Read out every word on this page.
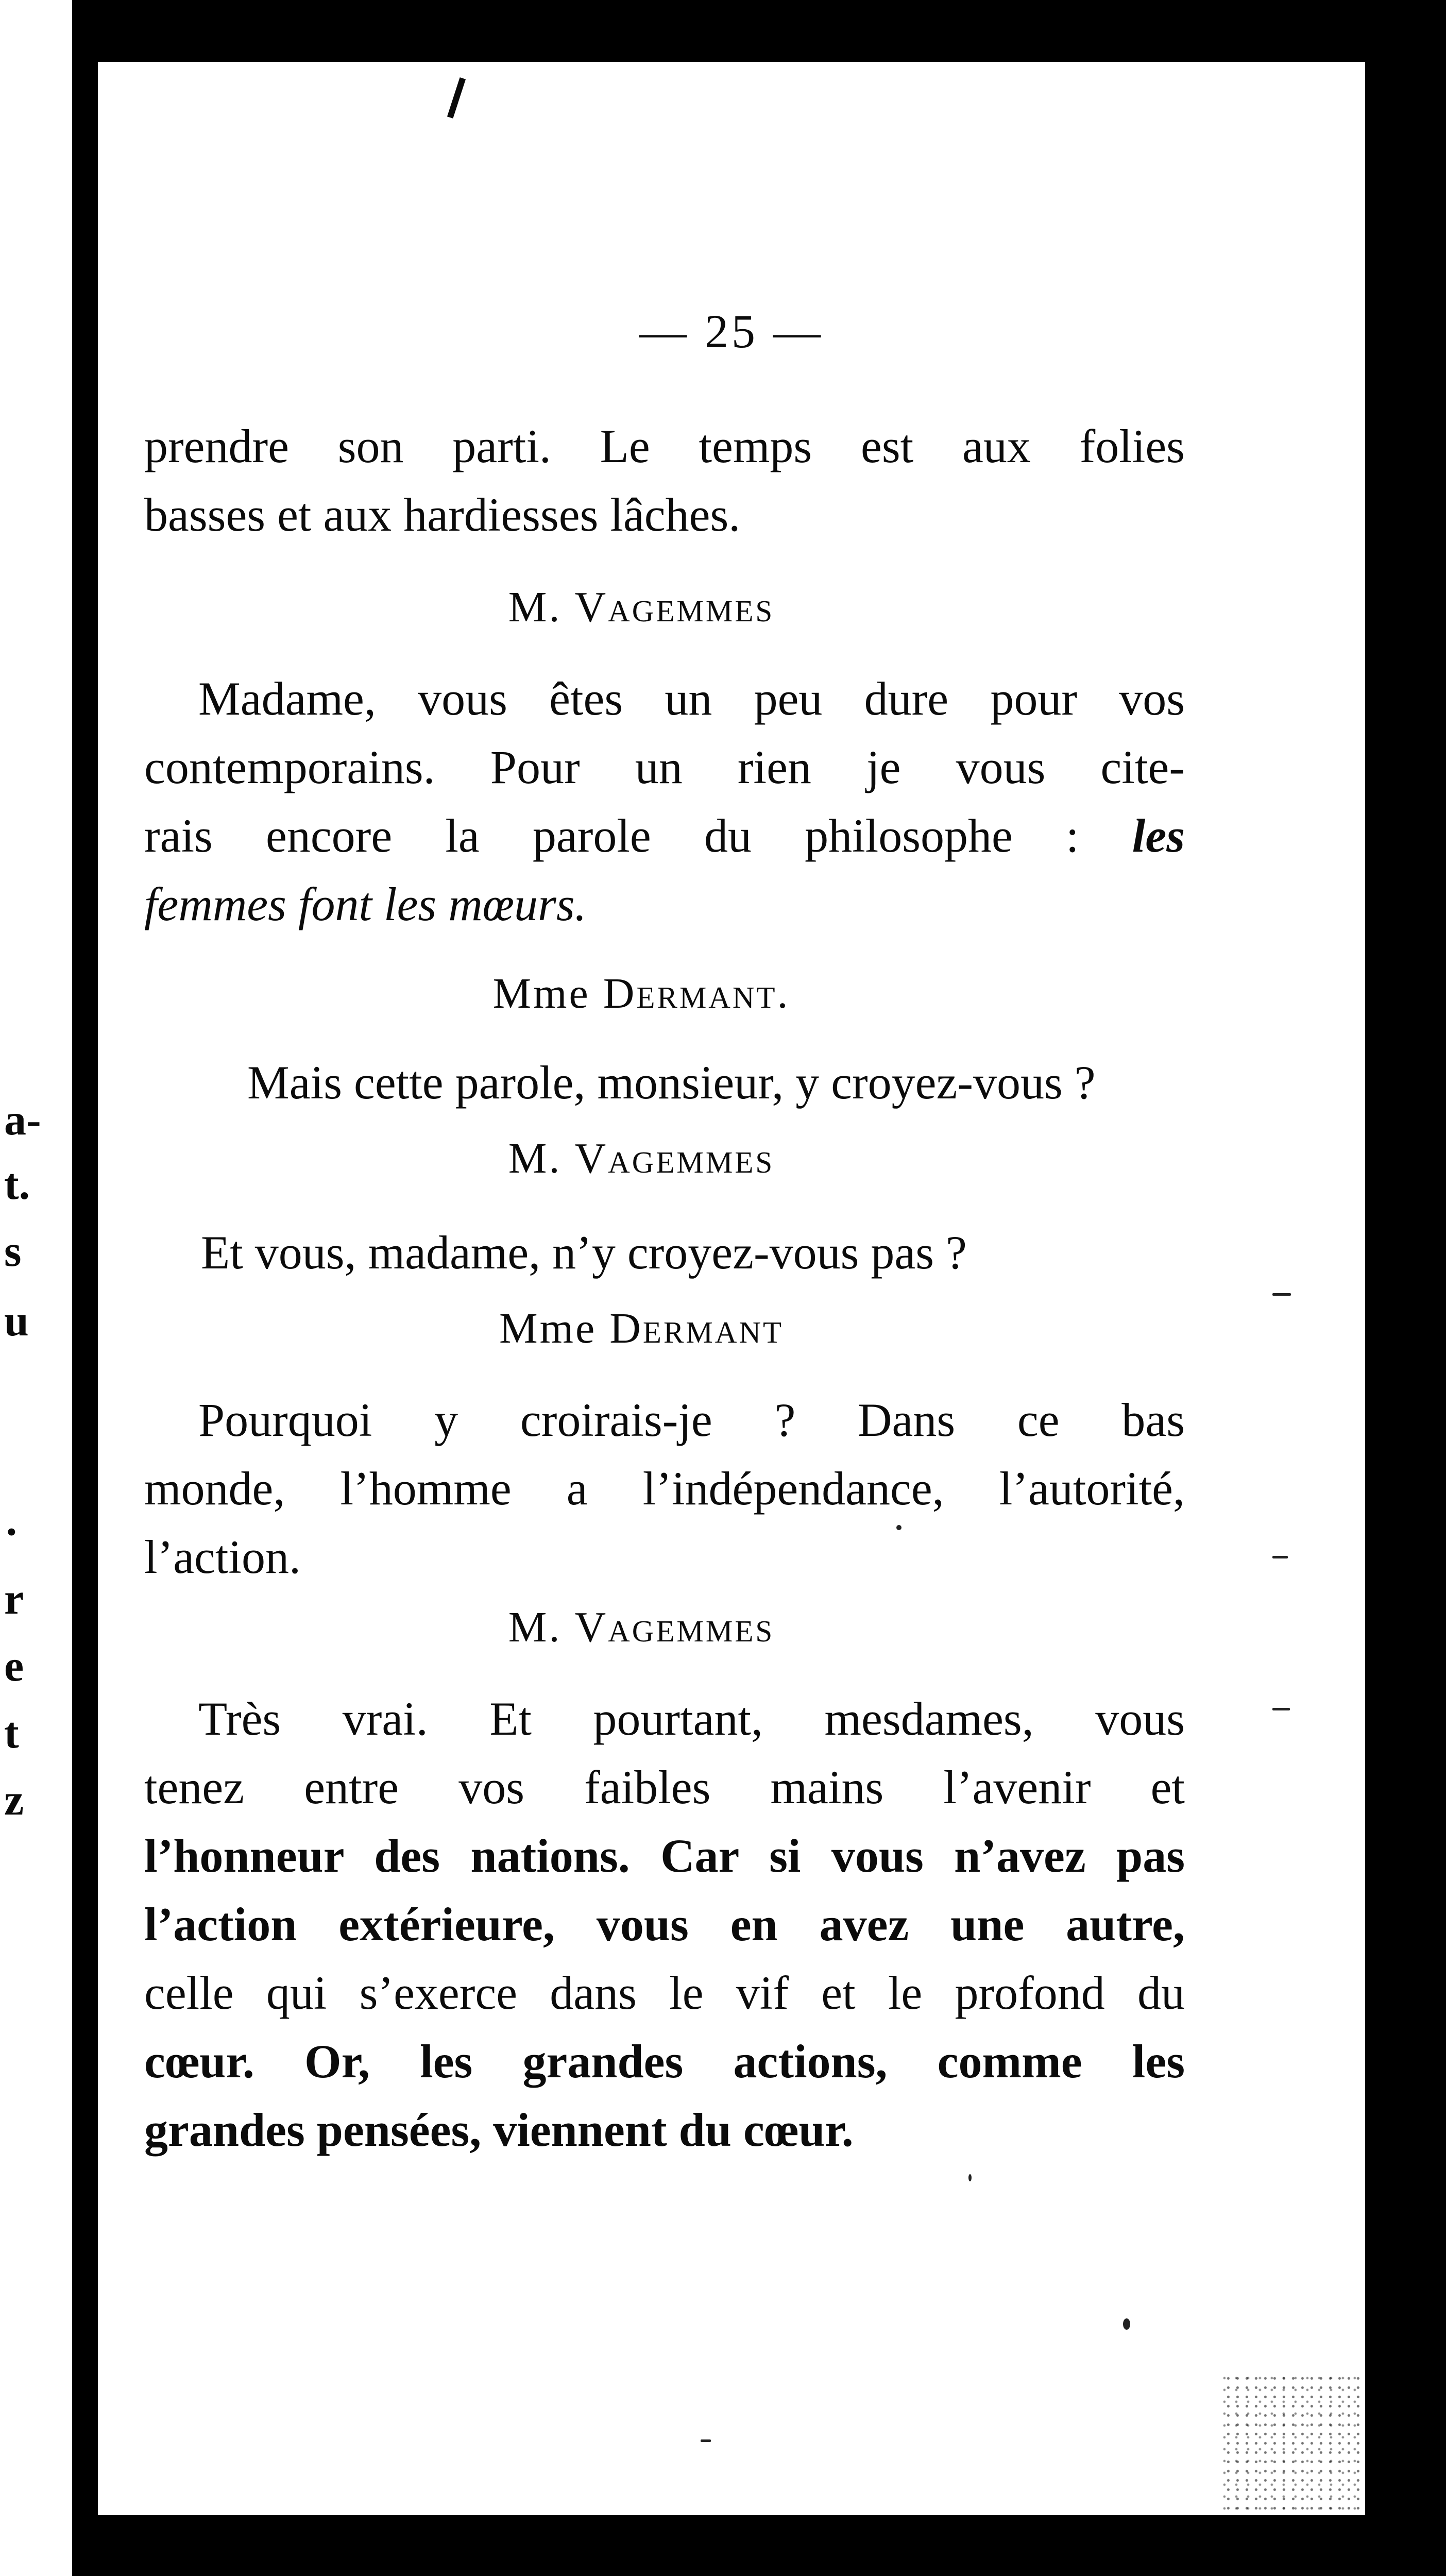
a-
t.
s
u
·
r
e
t
z
— 25 —
prendre son parti. Le temps est aux folies
basses et aux hardiesses lâches.
M. Vagemmes
Madame, vous êtes un peu dure pour vos
contemporains. Pour un rien je vous cite-
rais encore la parole du philosophe : les
femmes font les mœurs.
Mme Dermant.
Mais cette parole, monsieur, y croyez-vous ?
M. Vagemmes
Et vous, madame, n’y croyez-vous pas ?
Mme Dermant
Pourquoi y croirais-je ? Dans ce bas
monde, l’homme a l’indépendance, l’autorité,
l’action.
M. Vagemmes
Très vrai. Et pourtant, mesdames, vous
tenez entre vos faibles mains l’avenir et
l’honneur des nations. Car si vous n’avez pas
l’action extérieure, vous en avez une autre,
celle qui s’exerce dans le vif et le profond du
cœur. Or, les grandes actions, comme les
grandes pensées, viennent du cœur.
